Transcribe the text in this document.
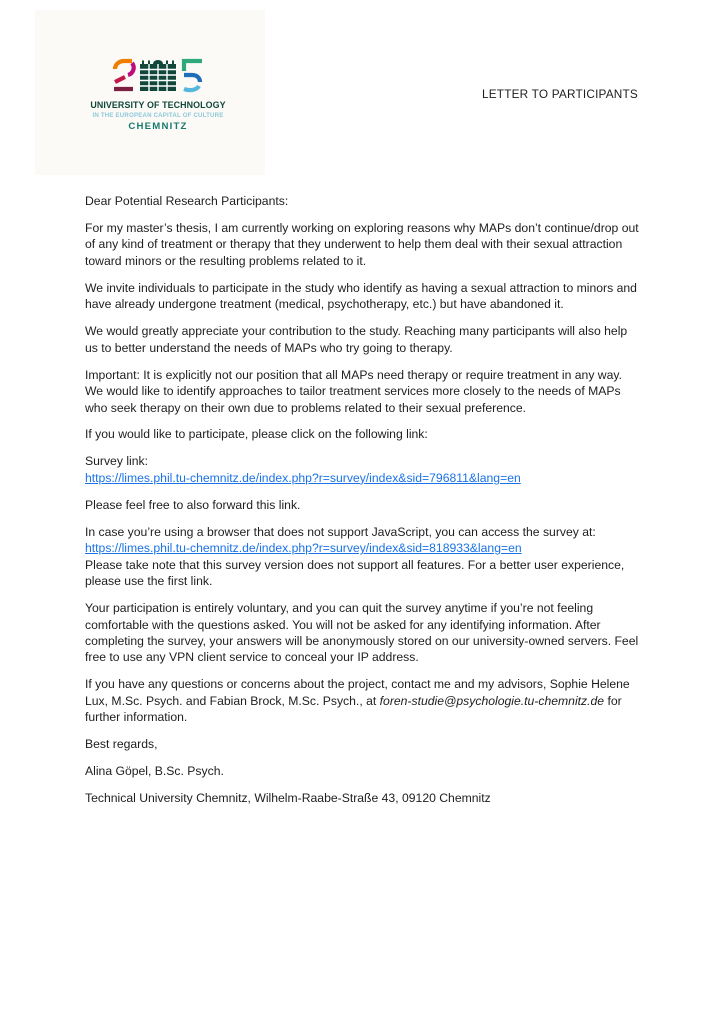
UNIVERSITY OF TECHNOLOGY
IN THE EUROPEAN CAPITAL OF CULTURE
CHEMNITZ
LETTER TO PARTICIPANTS

Dear Potential Research Participants:

For my master’s thesis, I am currently working on exploring reasons why MAPs don’t continue/drop out of any kind of treatment or therapy that they underwent to help them deal with their sexual attraction toward minors or the resulting problems related to it.

We invite individuals to participate in the study who identify as having a sexual attraction to minors and have already undergone treatment (medical, psychotherapy, etc.) but have abandoned it.

We would greatly appreciate your contribution to the study. Reaching many participants will also help us to better understand the needs of MAPs who try going to therapy.

Important: It is explicitly not our position that all MAPs need therapy or require treatment in any way. We would like to identify approaches to tailor treatment services more closely to the needs of MAPs who seek therapy on their own due to problems related to their sexual preference.

If you would like to participate, please click on the following link:

Survey link:
https://limes.phil.tu-chemnitz.de/index.php?r=survey/index&sid=796811&lang=en

Please feel free to also forward this link.

In case you’re using a browser that does not support JavaScript, you can access the survey at:
https://limes.phil.tu-chemnitz.de/index.php?r=survey/index&sid=818933&lang=en
Please take note that this survey version does not support all features. For a better user experience, please use the first link.

Your participation is entirely voluntary, and you can quit the survey anytime if you’re not feeling comfortable with the questions asked. You will not be asked for any identifying information. After completing the survey, your answers will be anonymously stored on our university-owned servers. Feel free to use any VPN client service to conceal your IP address.

If you have any questions or concerns about the project, contact me and my advisors, Sophie Helene Lux, M.Sc. Psych. and Fabian Brock, M.Sc. Psych., at foren-studie@psychologie.tu-chemnitz.de for further information.

Best regards,

Alina Göpel, B.Sc. Psych.

Technical University Chemnitz, Wilhelm-Raabe-Straße 43, 09120 Chemnitz
